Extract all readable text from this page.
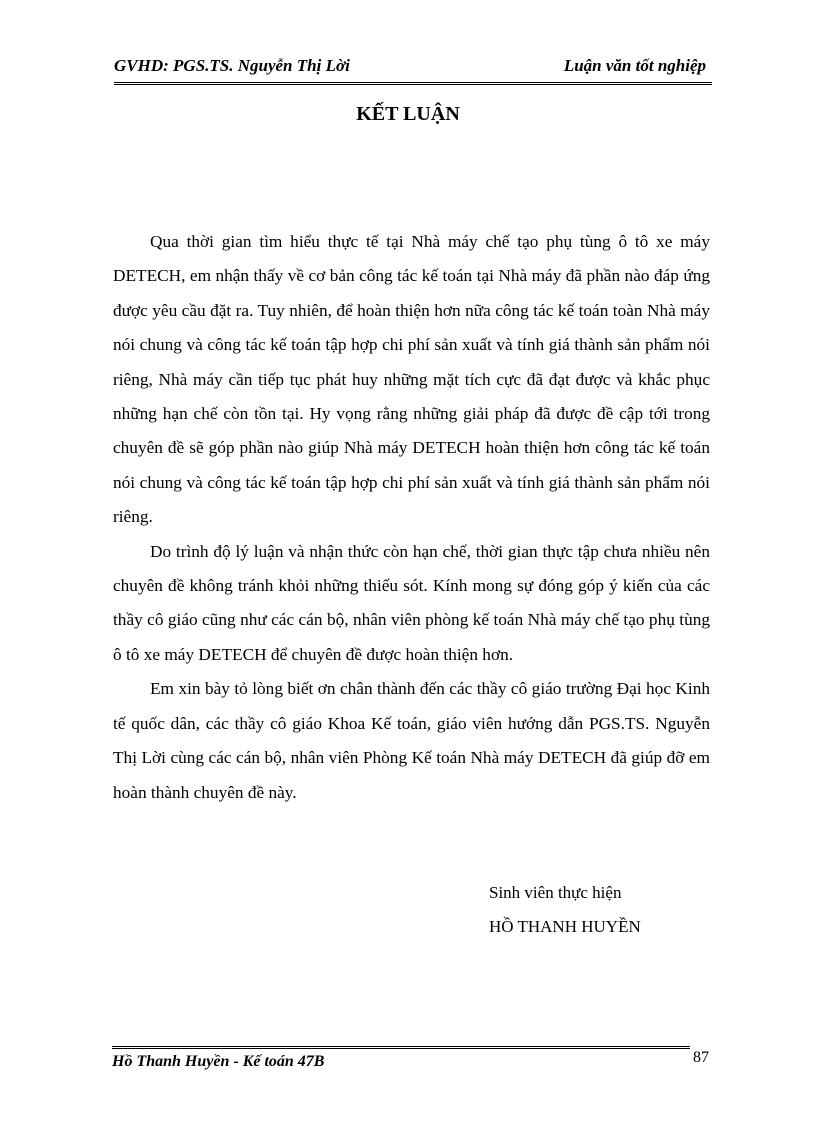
GVHD: PGS.TS. Nguyễn Thị Lời	Luận văn tốt nghiệp
KẾT LUẬN

Qua thời gian tìm hiểu thực tế tại Nhà máy chế tạo phụ tùng ô tô xe máy DETECH, em nhận thấy về cơ bản công tác kế toán tại Nhà máy đã phần nào đáp ứng được yêu cầu đặt ra. Tuy nhiên, để hoàn thiện hơn nữa công tác kế toán toàn Nhà máy nói chung và công tác kế toán tập hợp chi phí sản xuất và tính giá thành sản phẩm nói riêng, Nhà máy cần tiếp tục phát huy những mặt tích cực đã đạt được và khắc phục những hạn chế còn tồn tại. Hy vọng rằng những giải pháp đã được đề cập tới trong chuyên đề sẽ góp phần nào giúp Nhà máy DETECH hoàn thiện hơn công tác kế toán nói chung và công tác kế toán tập hợp chi phí sản xuất và tính giá thành sản phẩm nói riêng.

Do trình độ lý luận và nhận thức còn hạn chế, thời gian thực tập chưa nhiều nên chuyên đề không tránh khỏi những thiếu sót. Kính mong sự đóng góp ý kiến của các thầy cô giáo cũng như các cán bộ, nhân viên phòng kế toán Nhà máy chế tạo phụ tùng ô tô xe máy DETECH để chuyên đề được hoàn thiện hơn.

Em xin bày tỏ lòng biết ơn chân thành đến các thầy cô giáo trường Đại học Kinh tế quốc dân, các thầy cô giáo Khoa Kế toán, giáo viên hướng dẫn PGS.TS. Nguyễn Thị Lời cùng các cán bộ, nhân viên Phòng Kế toán Nhà máy DETECH đã giúp đỡ em hoàn thành chuyên đề này.

Sinh viên thực hiện
HỒ THANH HUYỀN
Hồ Thanh Huyền - Kế toán 47B	87
